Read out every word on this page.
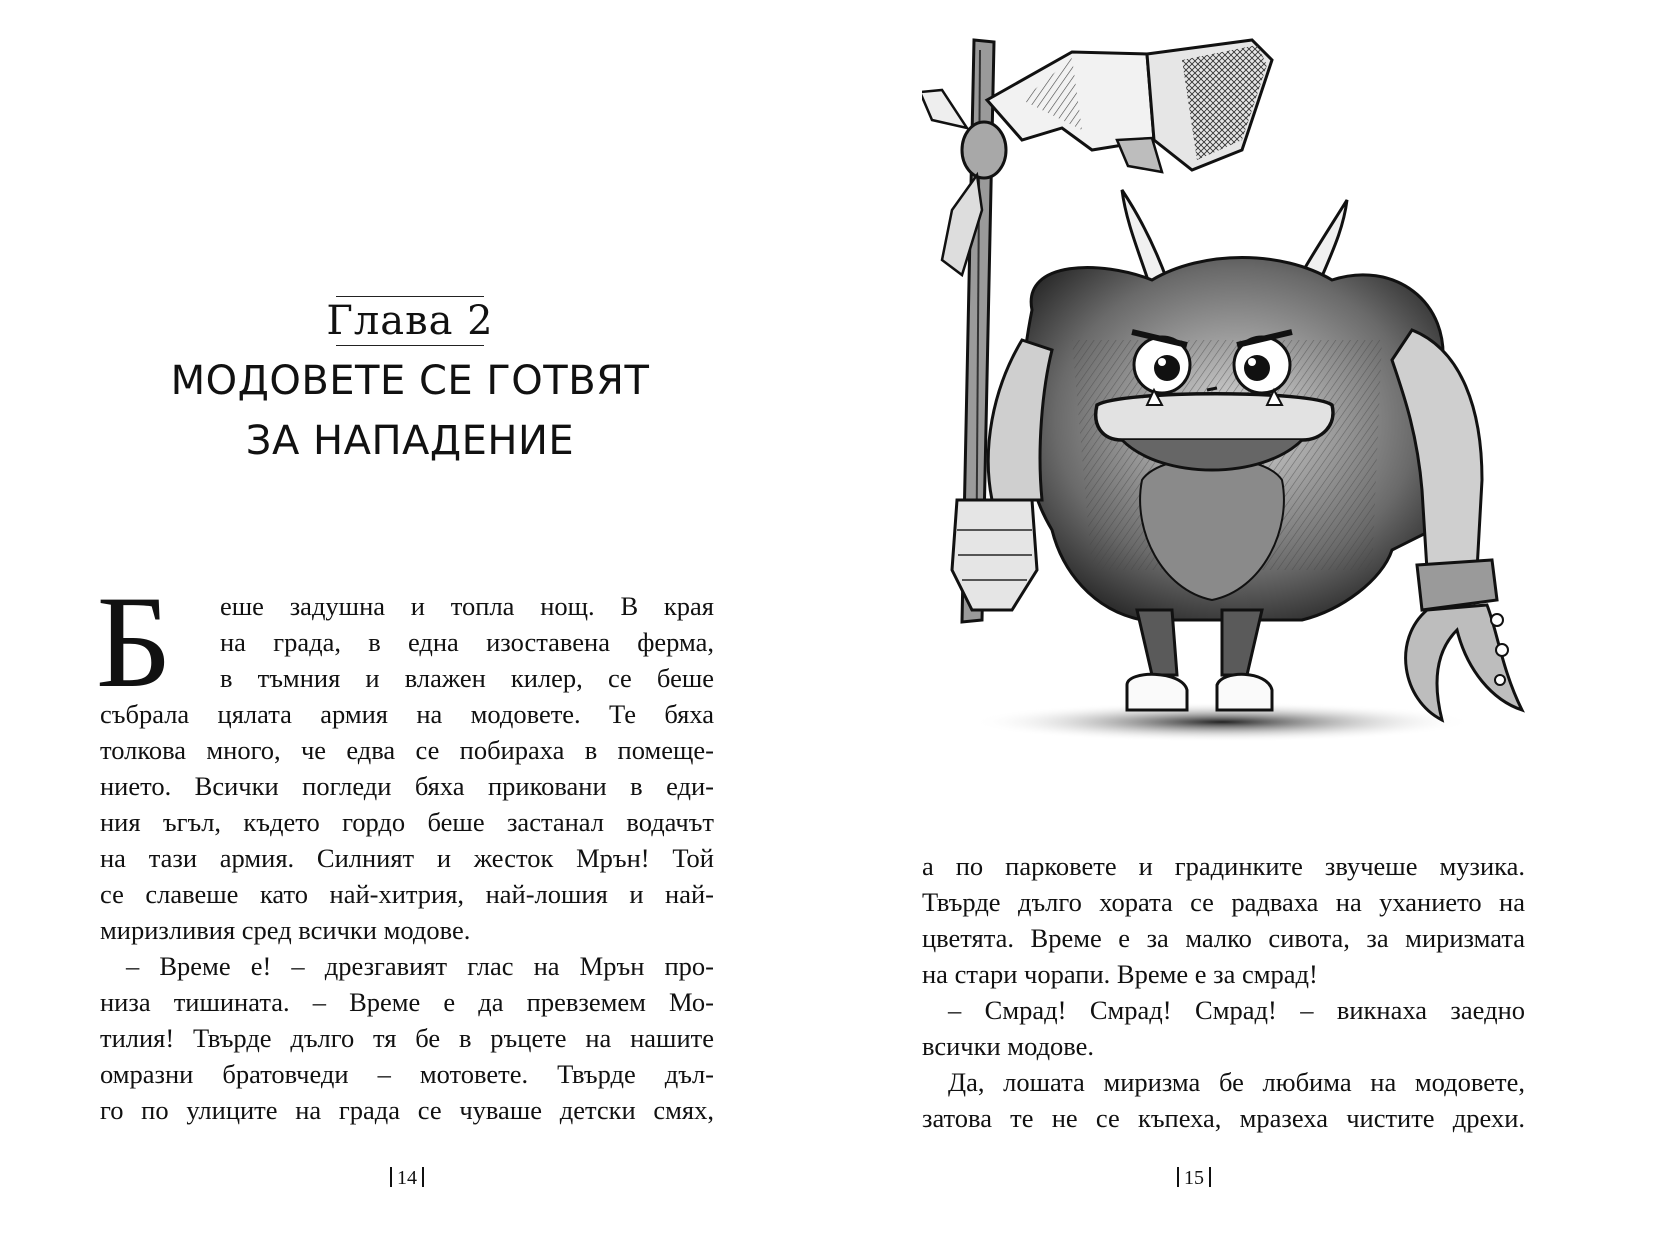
Глава 2
МОДОВЕТЕ СЕ ГОТВЯТ
ЗА НАПАДЕНИЕ
Б	еше задушна и топла нощ. В края
на града, в една изоставена ферма,
в тъмния и влажен килер, се беше
събрала цялата армия на модовете. Те бяха
толкова много, че едва се побираха в помеще-
нието. Всички погледи бяха приковани в еди-
ния ъгъл, където гордо беше застанал водачът
на тази армия. Силният и жесток Мрън! Той
се славеше като най-хитрия, най-лошия и най-
миризливия сред всички модове.
– Време е! – дрезгавият глас на Мрън про-
низа тишината. – Време е да превземем Мо-
тилия! Твърде дълго тя бе в ръцете на нашите
омразни братовчеди – мотовете. Твърде дъл-
го по улиците на града се чуваше детски смях,
14
а по парковете и градинките звучеше музика.
Твърде дълго хората се радваха на уханието на
цветята. Време е за малко сивота, за миризмата
на стари чорапи. Време е за смрад!
– Смрад! Смрад! Смрад! – викнаха заедно
всички модове.
Да, лошата миризма бе любима на модовете,
затова те не се къпеха, мразеха чистите дрехи.
15
